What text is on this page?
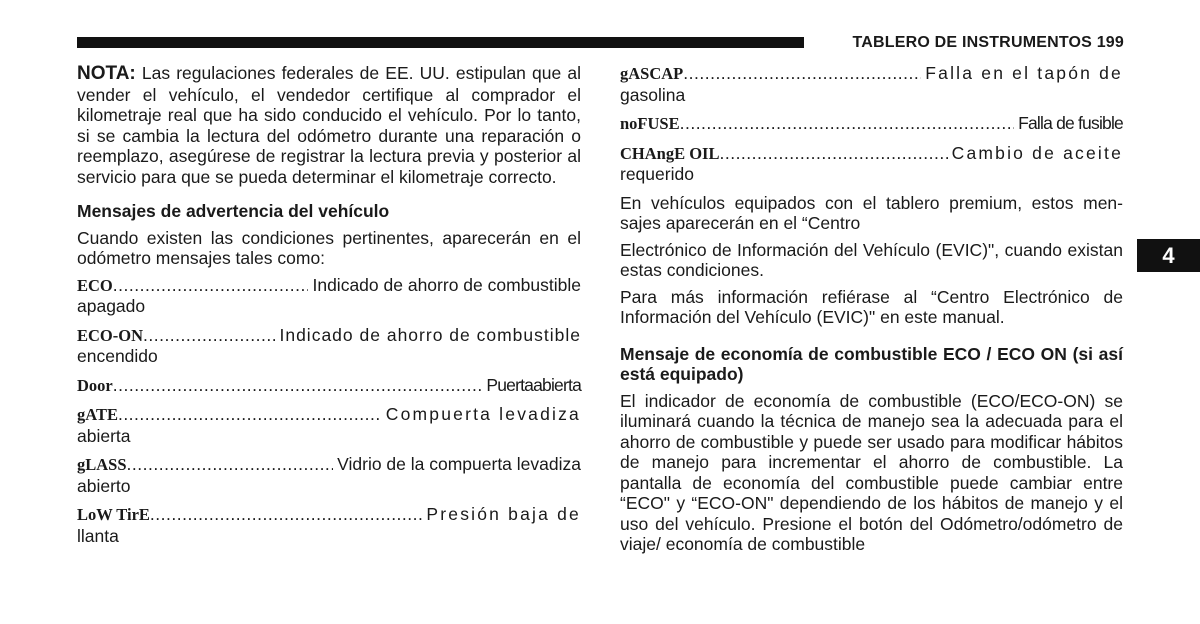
TABLERO DE INSTRUMENTOS 199

NOTA: Las regulaciones federales de EE. UU. estipulan que al vender el vehículo, el vendedor certifique al comprador el kilometraje real que ha sido conducido el vehículo. Por lo tanto, si se cambia la lectura del odómetro durante una reparación o reemplazo, asegúrese de registrar la lectura previa y posterior al servicio para que se pueda determinar el kilometraje correcto.

Mensajes de advertencia del vehículo

Cuando existen las condiciones pertinentes, aparecerán en el odómetro mensajes tales como:

ECO .....	Indicado de ahorro de combustible
apagado
ECO-ON .....	Indicado de ahorro de combustible
encendido
Door .....	Puertaabierta
gATE .....	Compuerta levadiza
abierta
gLASS .....	Vidrio de la compuerta levadiza
abierto
LoW TirE .....	Presión baja de
llanta
gASCAP .....	Falla en el tapón de
gasolina
noFUSE .....	Falla de fusible
CHAngE OIL .....	Cambio de aceite
requerido

En vehículos equipados con el tablero premium, estos men-sajes aparecerán en el “Centro

Electrónico de Información del Vehículo (EVIC)", cuando existan estas condiciones.

Para más información refiérase al “Centro Electrónico de Información del Vehículo (EVIC)" en este manual.

Mensaje de economía de combustible ECO / ECO ON (si así está equipado)

El indicador de economía de combustible (ECO/ECO-ON) se iluminará cuando la técnica de manejo sea la adecuada para el ahorro de combustible y puede ser usado para modificar hábitos de manejo para incrementar el ahorro de combustible. La pantalla de economía del combustible puede cambiar entre “ECO" y “ECO-ON" dependiendo de los hábitos de manejo y el uso del vehículo. Presione el botón del Odómetro/odómetro de viaje/ economía de combustible

4
